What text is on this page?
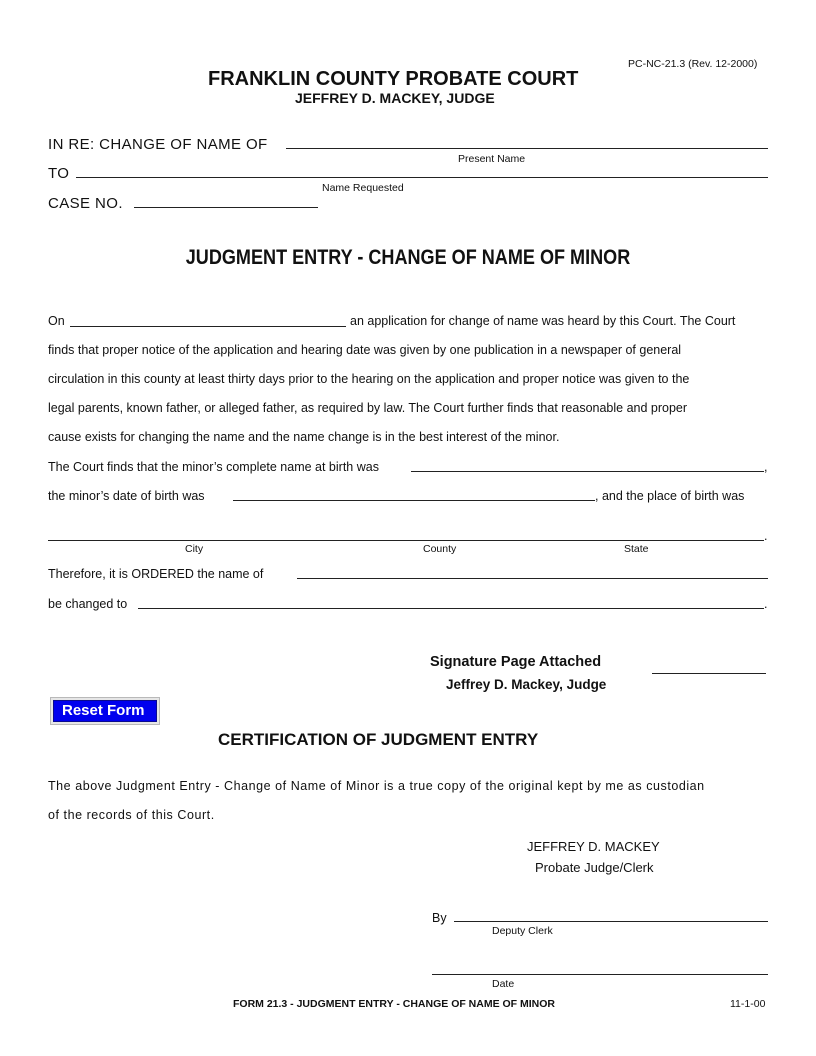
PC-NC-21.3 (Rev. 12-2000)
FRANKLIN COUNTY PROBATE COURT
JEFFREY D. MACKEY, JUDGE
IN RE: CHANGE OF NAME OF
Present Name
TO
Name Requested
CASE NO.
JUDGMENT ENTRY - CHANGE OF NAME OF MINOR
On	an application for change of name was heard by this Court. The Court
finds that proper notice of the application and hearing date was given by one publication in a newspaper of general
circulation in this county at least thirty days prior to the hearing on the application and proper notice was given to the
legal parents, known father, or alleged father, as required by law. The Court further finds that reasonable and proper
cause exists for changing the name and the name change is in the best interest of the minor.
The Court finds that the minor’s complete name at birth was	,
the minor’s date of birth was	, and the place of birth was
.
City	County	State
Therefore, it is ORDERED the name of
be changed to	.
Signature Page Attached
Jeffrey D. Mackey, Judge
Reset Form
CERTIFICATION OF JUDGMENT ENTRY
The above Judgment Entry - Change of Name of Minor is a true copy of the original kept by me as custodian
of the records of this Court.
JEFFREY D. MACKEY
Probate Judge/Clerk
By
Deputy Clerk
Date
FORM 21.3 - JUDGMENT ENTRY - CHANGE OF NAME OF MINOR	11-1-00
